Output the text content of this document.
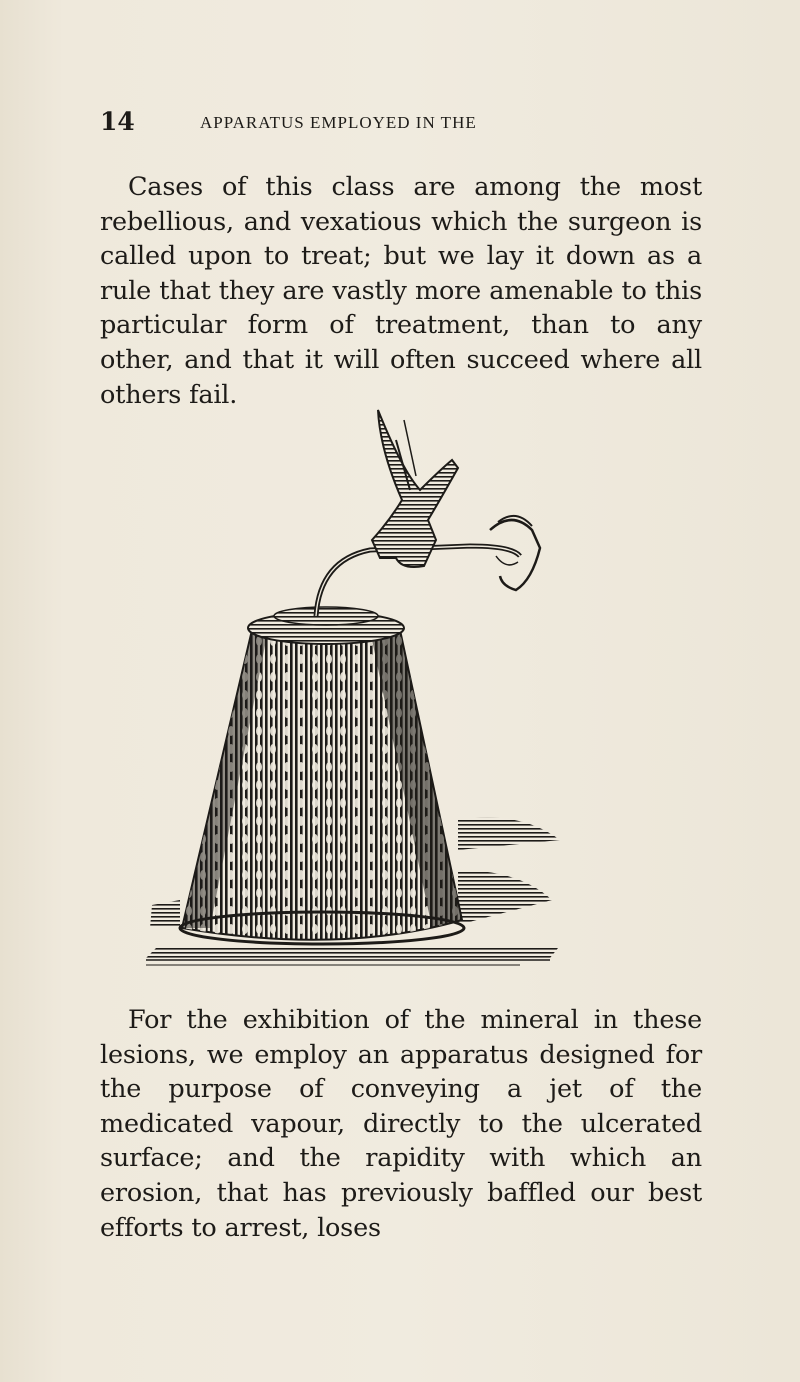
14	APPARATUS EMPLOYED IN THE

Cases of this class are among the most rebellious, and vexatious which the surgeon is called upon to treat; but we lay it down as a rule that they are vastly more amenable to this particular form of treatment, than to any other, and that it will often succeed where all others fail.

For the exhibition of the mineral in these lesions, we employ an apparatus designed for the purpose of conveying a jet of the medicated vapour, directly to the ulcerated surface; and the rapidity with which an erosion, that has previously baffled our best efforts to arrest, loses
